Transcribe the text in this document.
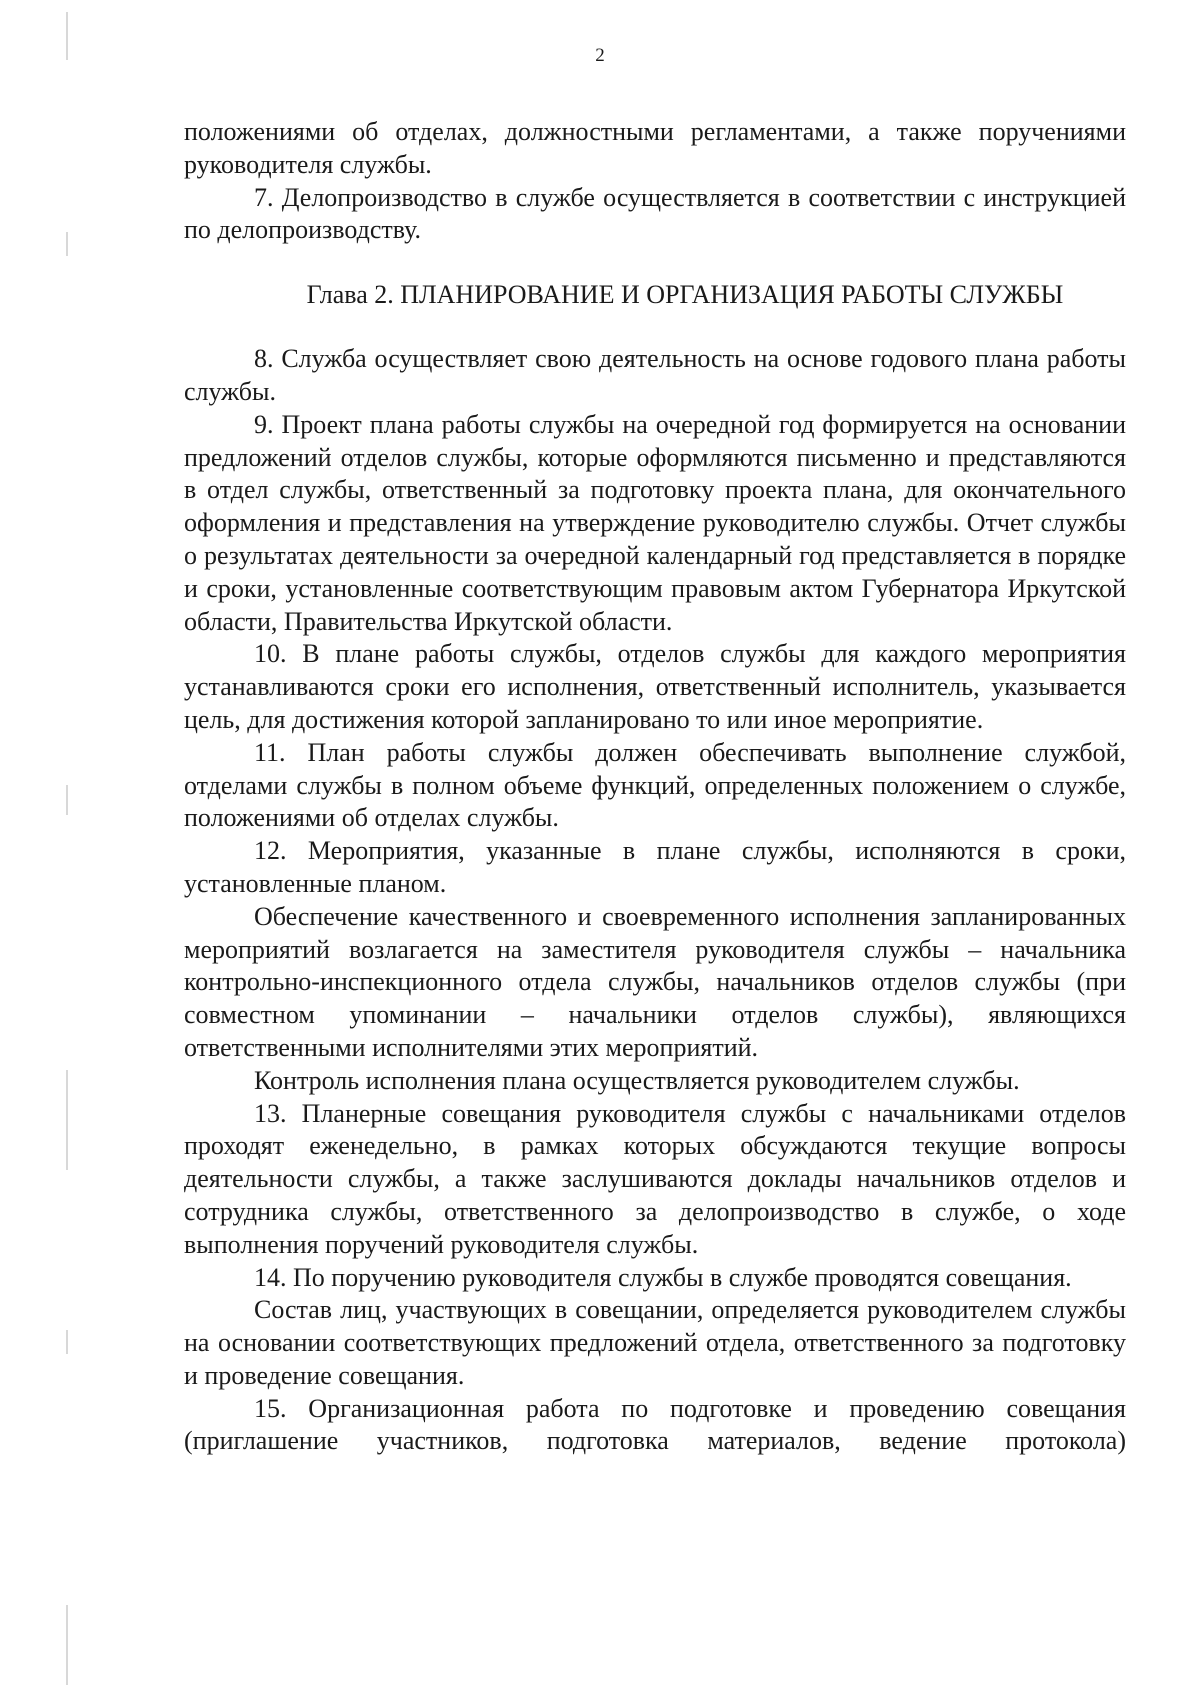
2

положениями об отделах, должностными регламентами, а также поручениями руководителя службы.

7. Делопроизводство в службе осуществляется в соответствии с инструкцией по делопроизводству.

Глава 2. ПЛАНИРОВАНИЕ И ОРГАНИЗАЦИЯ РАБОТЫ СЛУЖБЫ

8. Служба осуществляет свою деятельность на основе годового плана работы службы.

9. Проект плана работы службы на очередной год формируется на основании предложений отделов службы, которые оформляются письменно и представляются в отдел службы, ответственный за подготовку проекта плана, для окончательного оформления и представления на утверждение руководителю службы. Отчет службы о результатах деятельности за очередной календарный год представляется в порядке и сроки, установленные соответствующим правовым актом Губернатора Иркутской области, Правительства Иркутской области.

10. В плане работы службы, отделов службы для каждого мероприятия устанавливаются сроки его исполнения, ответственный исполнитель, указывается цель, для достижения которой запланировано то или иное мероприятие.

11. План работы службы должен обеспечивать выполнение службой, отделами службы в полном объеме функций, определенных положением о службе, положениями об отделах службы.

12. Мероприятия, указанные в плане службы, исполняются в сроки, установленные планом.

Обеспечение качественного и своевременного исполнения запланированных мероприятий возлагается на заместителя руководителя службы – начальника контрольно-инспекционного отдела службы, начальников отделов службы (при совместном упоминании – начальники отделов службы), являющихся ответственными исполнителями этих мероприятий.

Контроль исполнения плана осуществляется руководителем службы.

13. Планерные совещания руководителя службы с начальниками отделов проходят еженедельно, в рамках которых обсуждаются текущие вопросы деятельности службы, а также заслушиваются доклады начальников отделов и сотрудника службы, ответственного за делопроизводство в службе, о ходе выполнения поручений руководителя службы.

14. По поручению руководителя службы в службе проводятся совещания.

Состав лиц, участвующих в совещании, определяется руководителем службы на основании соответствующих предложений отдела, ответственного за подготовку и проведение совещания.

15. Организационная работа по подготовке и проведению совещания (приглашение участников, подготовка материалов, ведение протокола)
